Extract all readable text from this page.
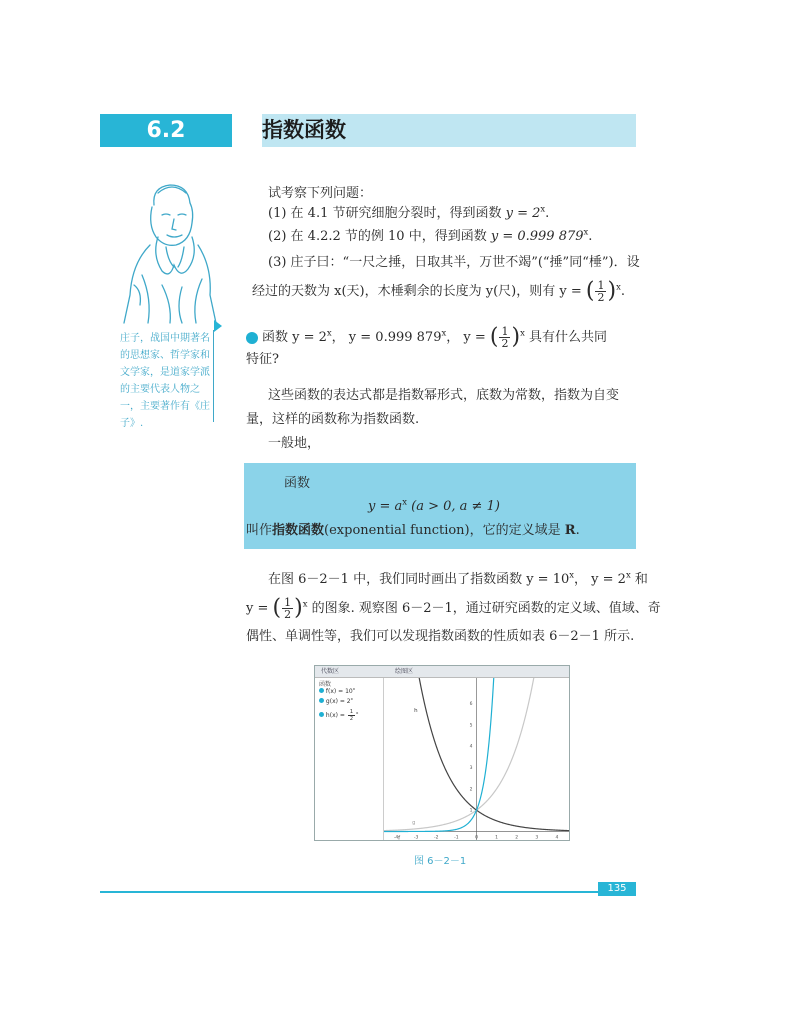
6.2	指数函数
试考察下列问题：
(1) 在 4.1 节研究细胞分裂时，得到函数 $y = 2^x$.
(2) 在 4.2.2 节的例 10 中，得到函数 y = 0.999 879$^x$.
(3) 庄子曰：“一尺之捶，日取其半，万世不竭”(“捶”同“棰”)．设
经过的天数为 x(天)，木棰剩余的长度为 y(尺)，则有 y = ( $\frac{1}{2} )^x$.
庄子，战国中期著名的思想家、哲学家和文学家，是道家学派的主要代表人物之一，主要著作有《庄子》.
函数 $y = 2^x$， y = 0.999 879$^x$， y = ( $\frac{1}{2} )^x$ 具有什么共同
特征?
这些函数的表达式都是指数幂形式，底数为常数，指数为自变
量，这样的函数称为指数函数.
一般地，
函数
$y = a^x$ (a > 0, a ≠ 1)
叫作指数函数(exponential function)，它的定义域是 R.
在图 6－2－1 中，我们同时画出了指数函数 $y = 10^x$， $y = 2^x$ 和
y = ( $\frac{1}{2} )^x$ 的图象. 观察图 6－2－1，通过研究函数的定义域、值域、奇
偶性、单调性等，我们可以发现指数函数的性质如表 6－2－1 所示.
代数区	绘图区
函数
$f(x) = 10^x$
$g(x) = 2^x$
$h(x) = \frac{1}{2} ^x$
-4	-3	-2	-1	0	1	2	3	4
1
2
3
4
5
6
h
f
g
图 6－2－1
135
